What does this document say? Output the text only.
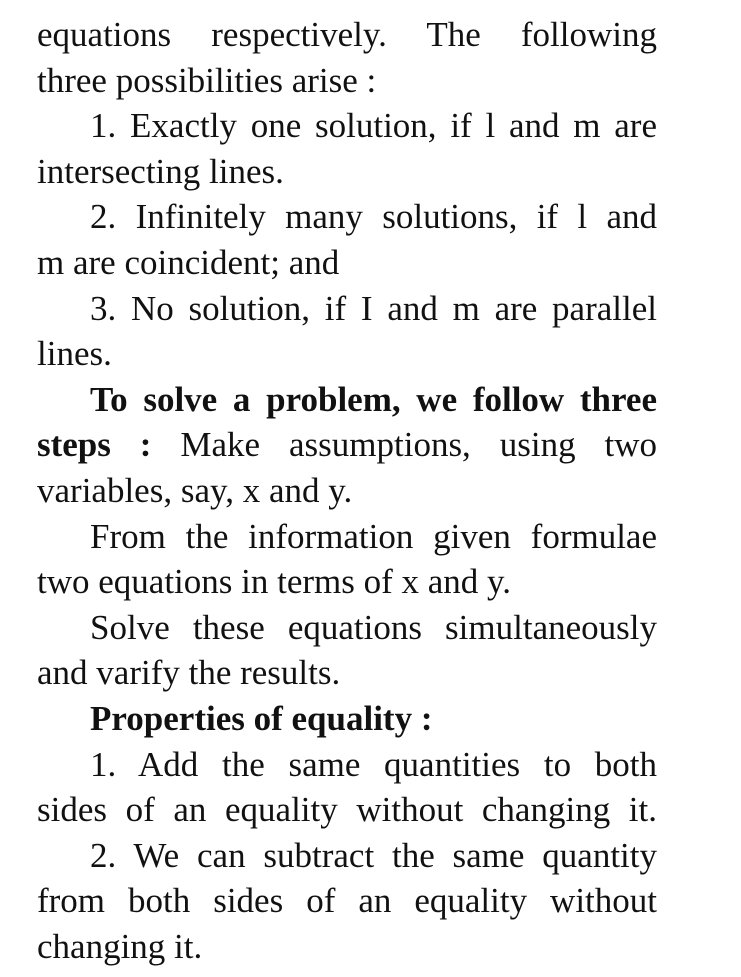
equations respectively. The following
three possibilities arise :
1. Exactly one solution, if l and m are
intersecting lines.
2. Infinitely many solutions, if l and
m are coincident; and
3. No solution, if I and m are parallel
lines.
To solve a problem, we follow three
steps : Make assumptions, using two
variables, say, x and y.
From the information given formulae
two equations in terms of x and y.
Solve these equations simultaneously
and varify the results.
Properties of equality :
1. Add the same quantities to both
sides of an equality without changing it.
2. We can subtract the same quantity
from both sides of an equality without
changing it.
